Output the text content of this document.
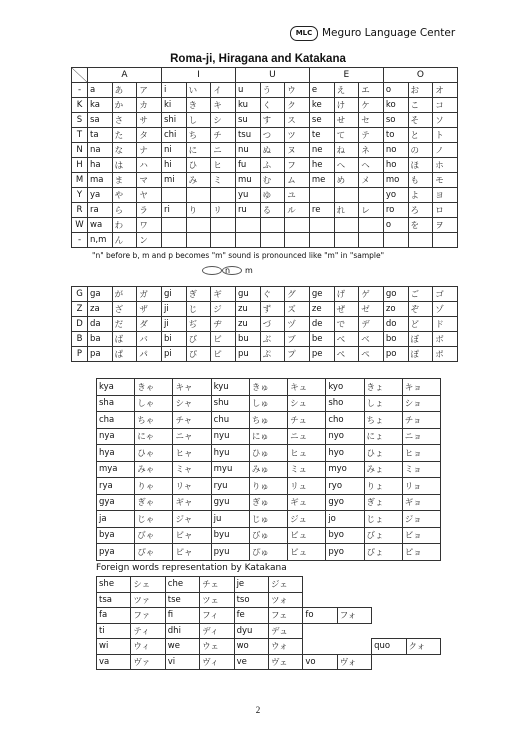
MLC Meguro Language Center
Roma-ji, Hiragana and Katakana
	A			I			U			E			O		
-	a	あ	ア	i	い	イ	u	う	ウ	e	え	エ	o	お	オ
K	ka	か	カ	ki	き	キ	ku	く	ク	ke	け	ケ	ko	こ	コ
S	sa	さ	サ	shi	し	シ	su	す	ス	se	せ	セ	so	そ	ソ
T	ta	た	タ	chi	ち	チ	tsu	つ	ツ	te	て	テ	to	と	ト
N	na	な	ナ	ni	に	ニ	nu	ぬ	ヌ	ne	ね	ネ	no	の	ノ
H	ha	は	ハ	hi	ひ	ヒ	fu	ふ	フ	he	へ	ヘ	ho	ほ	ホ
M	ma	ま	マ	mi	み	ミ	mu	む	ム	me	め	メ	mo	も	モ
Y	ya	や	ヤ				yu	ゆ	ユ				yo	よ	ヨ
R	ra	ら	ラ	ri	り	リ	ru	る	ル	re	れ	レ	ro	ろ	ロ
W	wa	わ	ワ										o	を	ヲ
-	n,m	ん	ン												
"n" before b, m and p becomes "m" sound is pronounced like "m" in "sample"
n	m
G	ga	が	ガ	gi	ぎ	ギ	gu	ぐ	グ	ge	げ	ゲ	go	ご	ゴ
Z	za	ざ	ザ	ji	じ	ジ	zu	ず	ズ	ze	ぜ	ゼ	zo	ぞ	ゾ
D	da	だ	ダ	ji	ぢ	ヂ	zu	づ	ヅ	de	で	デ	do	ど	ド
B	ba	ば	バ	bi	び	ビ	bu	ぶ	ブ	be	べ	ベ	bo	ぼ	ボ
P	pa	ぱ	パ	pi	ぴ	ピ	pu	ぷ	プ	pe	ぺ	ペ	po	ぽ	ポ
kya	きゃ	キャ	kyu	きゅ	キュ	kyo	きょ	キョ
sha	しゃ	シャ	shu	しゅ	シュ	sho	しょ	ショ
cha	ちゃ	チャ	chu	ちゅ	チュ	cho	ちょ	チョ
nya	にゃ	ニャ	nyu	にゅ	ニュ	nyo	にょ	ニョ
hya	ひゃ	ヒャ	hyu	ひゅ	ヒュ	hyo	ひょ	ヒョ
mya	みゃ	ミャ	myu	みゅ	ミュ	myo	みょ	ミョ
rya	りゃ	リャ	ryu	りゅ	リュ	ryo	りょ	リョ
gya	ぎゃ	ギャ	gyu	ぎゅ	ギュ	gyo	ぎょ	ギョ
ja	じゃ	ジャ	ju	じゅ	ジュ	jo	じょ	ジョ
bya	びゃ	ビャ	byu	びゅ	ビュ	byo	びょ	ビョ
pya	ぴゃ	ピャ	pyu	ぴゅ	ピュ	pyo	ぴょ	ピョ
Foreign words representation by Katakana
she	シェ	che	チェ	je	ジェ				
tsa	ツァ	tse	ツェ	tso	ツォ				
fa	ファ	fi	フィ	fe	フェ	fo	フォ		
ti	ティ	dhi	ディ	dyu	デュ				
wi	ウィ	we	ウェ	wo	ウォ			quo	クォ
va	ヴァ	vi	ヴィ	ve	ヴェ	vo	ヴォ		
2
